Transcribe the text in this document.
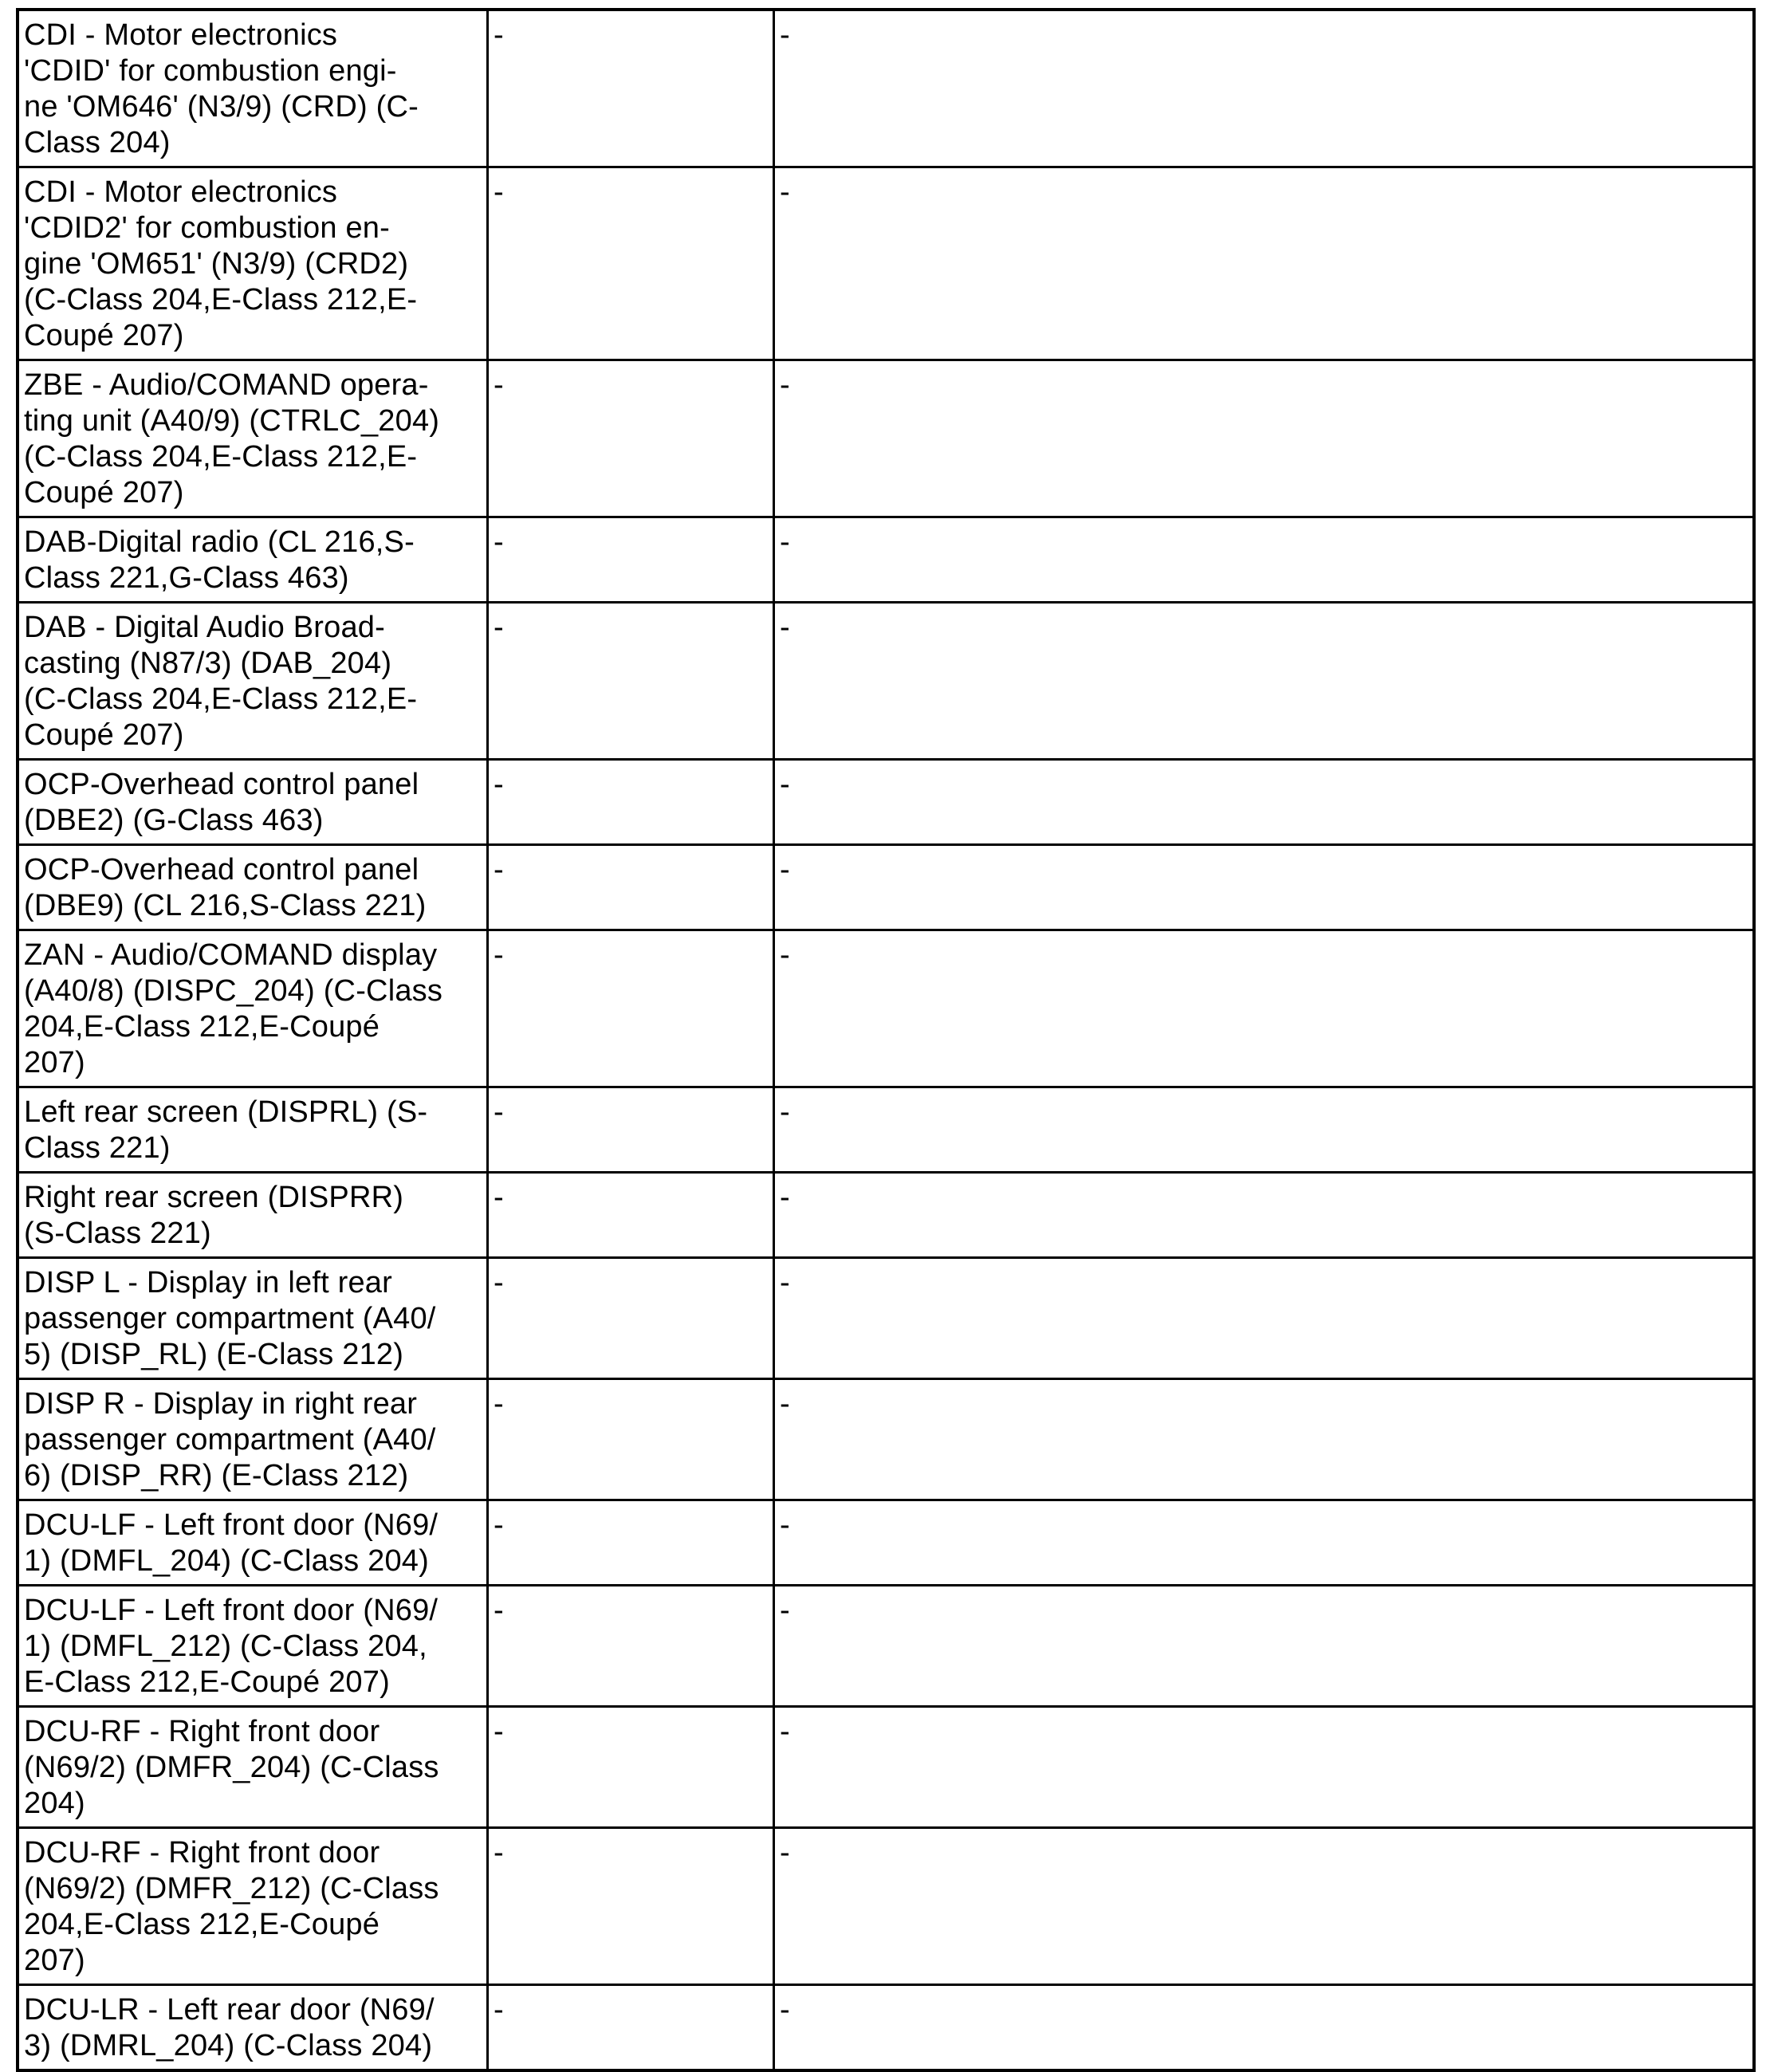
CDI - Motor electronics
'CDID' for combustion engi-
ne 'OM646' (N3/9) (CRD) (C-
Class 204)	-	-

CDI - Motor electronics
'CDID2' for combustion en-
gine 'OM651' (N3/9) (CRD2)
(C-Class 204,E-Class 212,E-
Coupé 207)	-	-

ZBE - Audio/COMAND opera-
ting unit (A40/9) (CTRLC_204)
(C-Class 204,E-Class 212,E-
Coupé 207)	-	-

DAB-Digital radio (CL 216,S-
Class 221,G-Class 463)	-	-

DAB - Digital Audio Broad-
casting (N87/3) (DAB_204)
(C-Class 204,E-Class 212,E-
Coupé 207)	-	-

OCP-Overhead control panel
(DBE2) (G-Class 463)	-	-

OCP-Overhead control panel
(DBE9) (CL 216,S-Class 221)	-	-

ZAN - Audio/COMAND display
(A40/8) (DISPC_204) (C-Class
204,E-Class 212,E-Coupé
207)	-	-

Left rear screen (DISPRL) (S-
Class 221)	-	-

Right rear screen (DISPRR)
(S-Class 221)	-	-

DISP L - Display in left rear
passenger compartment (A40/
5) (DISP_RL) (E-Class 212)	-	-

DISP R - Display in right rear
passenger compartment (A40/
6) (DISP_RR) (E-Class 212)	-	-

DCU-LF - Left front door (N69/
1) (DMFL_204) (C-Class 204)	-	-

DCU-LF - Left front door (N69/
1) (DMFL_212) (C-Class 204,
E-Class 212,E-Coupé 207)	-	-

DCU-RF - Right front door
(N69/2) (DMFR_204) (C-Class
204)	-	-

DCU-RF - Right front door
(N69/2) (DMFR_212) (C-Class
204,E-Class 212,E-Coupé
207)	-	-

DCU-LR - Left rear door (N69/
3) (DMRL_204) (C-Class 204)	-	-
